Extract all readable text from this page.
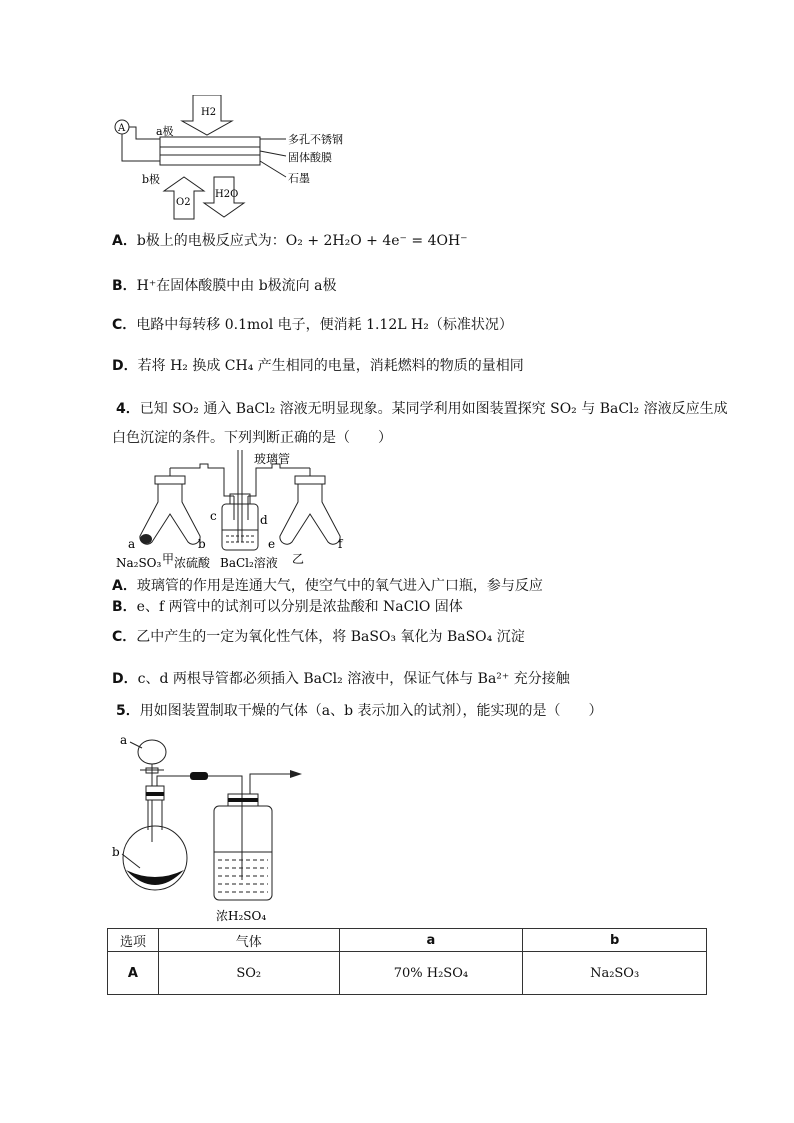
A
H2
O2
H2O
a极
b极
多孔不锈钢
固体酸膜
石墨
A．b极上的电极反应式为：O₂ + 2H₂O + 4e⁻ = 4OH⁻
B．H⁺在固体酸膜中由 b极流向 a极
C．电路中每转移 0.1mol 电子，便消耗 1.12L H₂（标准状况）
D．若将 H₂ 换成 CH₄ 产生相同的电量，消耗燃料的物质的量相同
4．已知 SO₂ 通入 BaCl₂ 溶液无明显现象。某同学利用如图装置探究 SO₂ 与 BaCl₂ 溶液反应生成
白色沉淀的条件。下列判断正确的是（　　）
玻璃管
c	d
a	b	e	f
Na₂SO₃ 甲 浓硫酸 BaCl₂溶液 乙
A．玻璃管的作用是连通大气，使空气中的氧气进入广口瓶，参与反应
B．e、f 两管中的试剂可以分别是浓盐酸和 NaClO 固体
C．乙中产生的一定为氧化性气体，将 BaSO₃ 氧化为 BaSO₄ 沉淀
D．c、d 两根导管都必须插入 BaCl₂ 溶液中，保证气体与 Ba²⁺ 充分接触
5．用如图装置制取干燥的气体（a、b 表示加入的试剂），能实现的是（　　）
a
b
浓H₂SO₄
选项	气体	a	b
A	SO₂	70% H₂SO₄	Na₂SO₃
